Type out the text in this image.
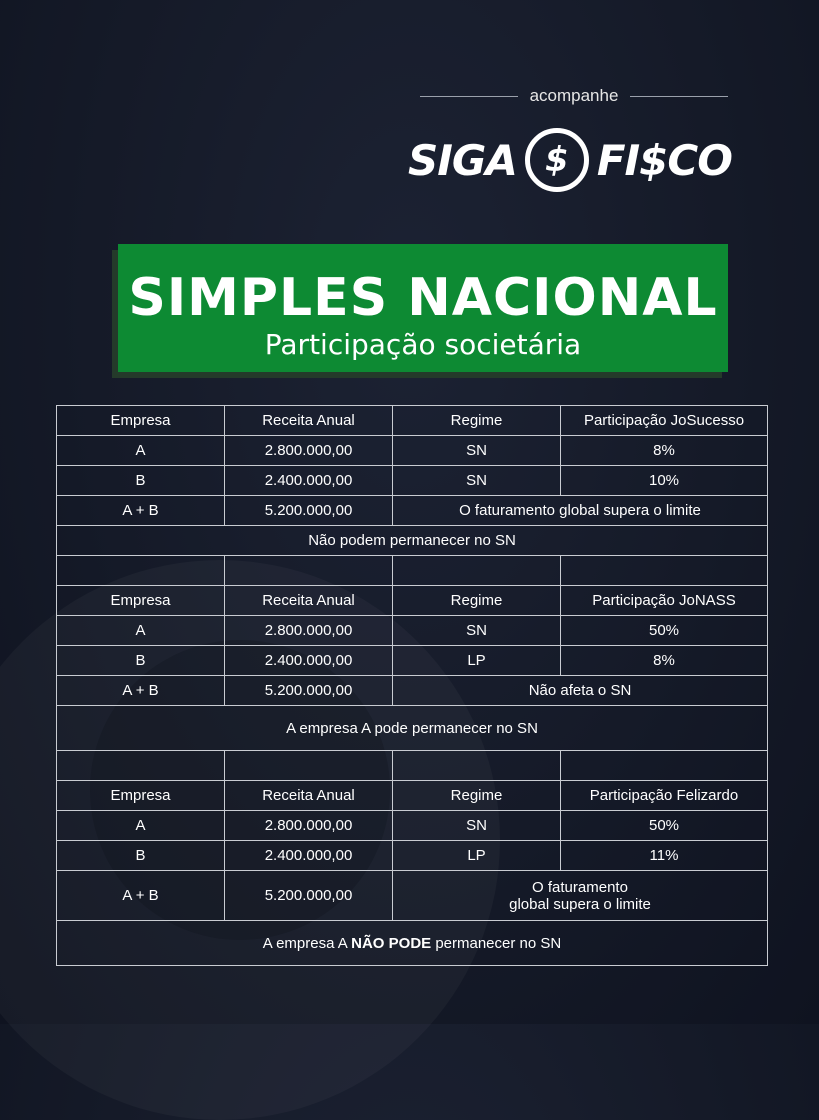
acompanhe
SIGA $ FI$CO
SIMPLES NACIONAL
Participação societária
Empresa	Receita Anual	Regime	Participação JoSucesso
A	2.800.000,00	SN	8%
B	2.400.000,00	SN	10%
A + B	5.200.000,00	O faturamento global supera o limite	
Não podem permanecer no SN			

Empresa	Receita Anual	Regime	Participação JoNASS
A	2.800.000,00	SN	50%
B	2.400.000,00	LP	8%
A + B	5.200.000,00	Não afeta o SN	
A empresa A pode permanecer no SN			

Empresa	Receita Anual	Regime	Participação Felizardo
A	2.800.000,00	SN	50%
B	2.400.000,00	LP	11%
A + B	5.200.000,00	O faturamento
global supera o limite	

A empresa A NÃO PODE permanecer no SN			
